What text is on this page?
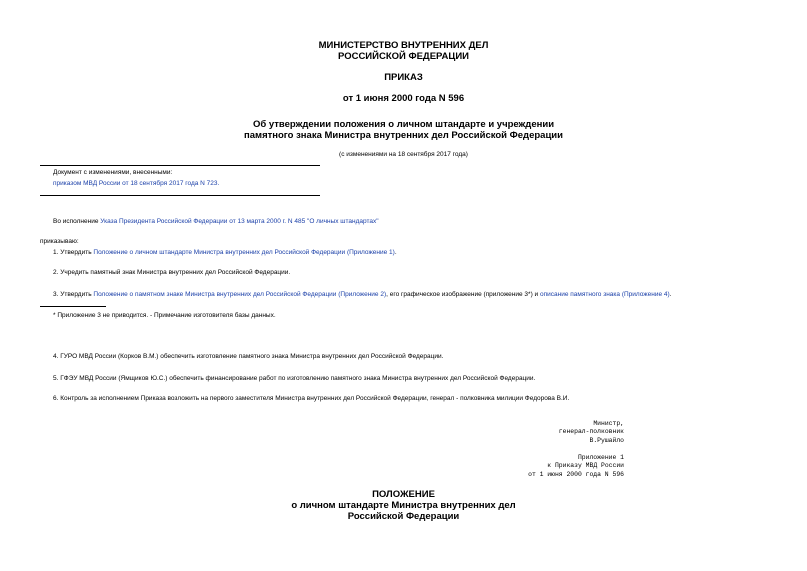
МИНИСТЕРСТВО ВНУТРЕННИХ ДЕЛ
РОССИЙСКОЙ ФЕДЕРАЦИИ
ПРИКАЗ
от 1 июня 2000 года N 596
Об утверждении положения о личном штандарте и учреждении
памятного знака Министра внутренних дел Российской Федерации
(с изменениями на 18 сентября 2017 года)
Документ с изменениями, внесенными:
приказом МВД России от 18 сентября 2017 года N 723.
Во исполнение Указа Президента Российской Федерации от 13 марта 2000 г. N 485 "О личных штандартах"
приказываю:
1. Утвердить Положение о личном штандарте Министра внутренних дел Российской Федерации (Приложение 1).
2. Учредить памятный знак Министра внутренних дел Российской Федерации.
3. Утвердить Положение о памятном знаке Министра внутренних дел Российской Федерации (Приложение 2), его графическое изображение (приложение 3*) и описание памятного знака (Приложение 4).
* Приложение 3 не приводится. - Примечание изготовителя базы данных.
4. ГУРО МВД России (Корков В.М.) обеспечить изготовление памятного знака Министра внутренних дел Российской Федерации.
5. ГФЭУ МВД России (Ямщиков Ю.С.) обеспечить финансирование работ по изготовлению памятного знака Министра внутренних дел Российской Федерации.
6. Контроль за исполнением Приказа возложить на первого заместителя Министра внутренних дел Российской Федерации, генерал - полковника милиции Федорова В.И.
Министр,
генерал-полковник
В.Рушайло
Приложение 1
к Приказу МВД России
от 1 июня 2000 года N 596
ПОЛОЖЕНИЕ
о личном штандарте Министра внутренних дел
Российской Федерации
